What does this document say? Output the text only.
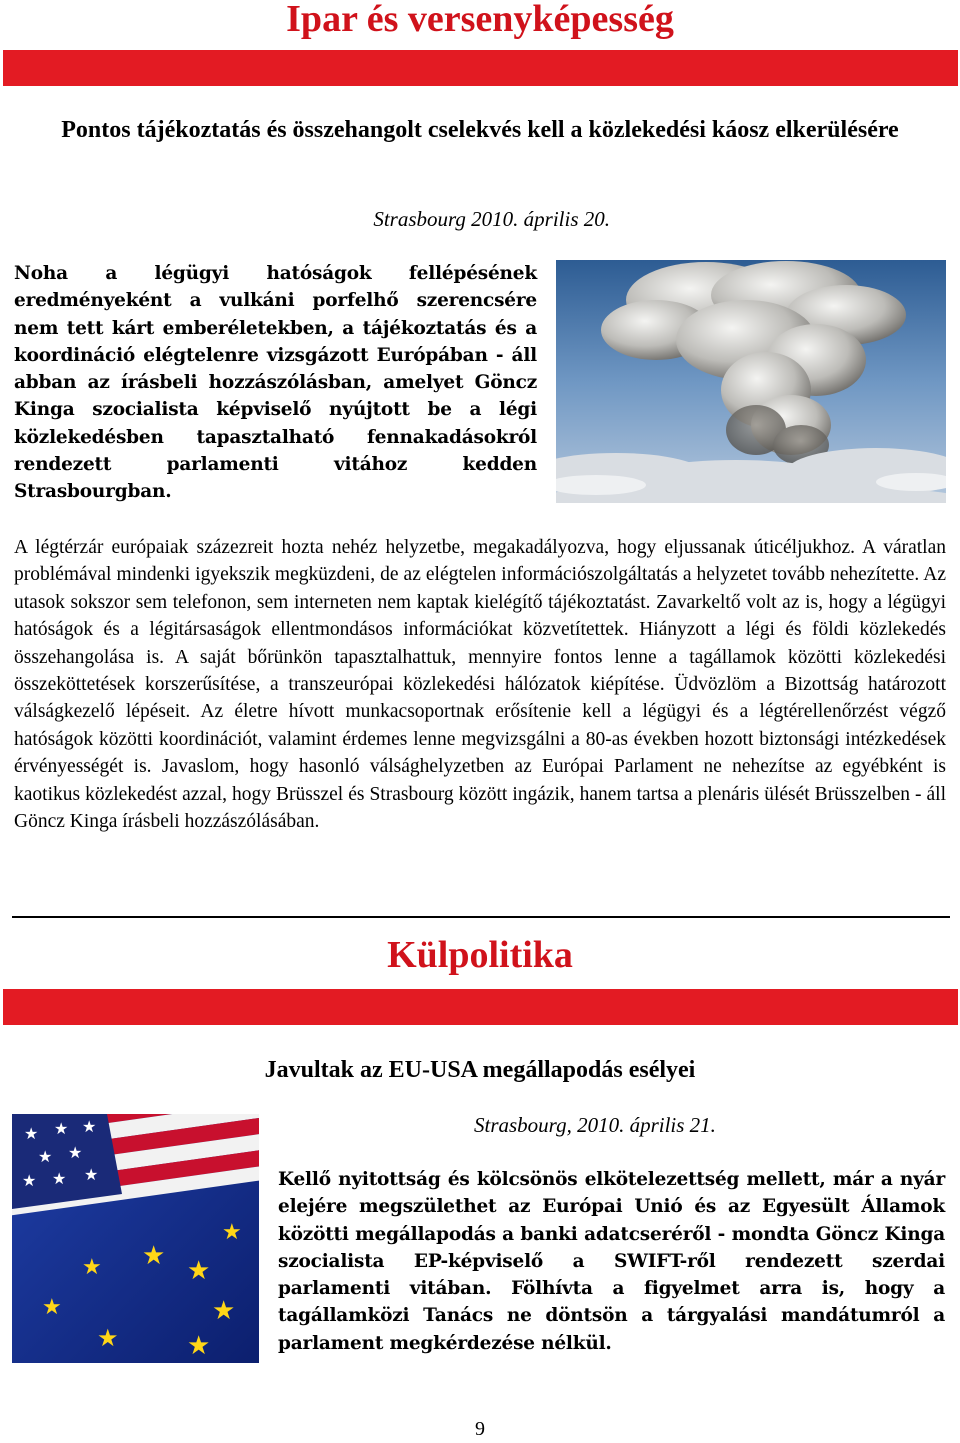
Ipar és versenyképesség
Pontos tájékoztatás és összehangolt cselekvés kell a közlekedési káosz elkerülésére

Strasbourg 2010. április 20.

Noha a légügyi hatóságok fellépésének eredményeként a vulkáni porfelhő szerencsére nem tett kárt emberéletekben, a tájékoztatás és a koordináció elégtelenre vizsgázott Európában - áll abban az írásbeli hozzászólásban, amelyet Göncz Kinga szocialista képviselő nyújtott be a légi közlekedésben tapasztalható fennakadásokról rendezett parlamenti vitához kedden Strasbourgban.

A légtérzár európaiak százezreit hozta nehéz helyzetbe, megakadályozva, hogy eljussanak úticéljukhoz. A váratlan problémával mindenki igyekszik megküzdeni, de az elégtelen információszolgáltatás a helyzetet tovább nehezítette. Az utasok sokszor sem telefonon, sem interneten nem kaptak kielégítő tájékoztatást. Zavarkeltő volt az is, hogy a légügyi hatóságok és a légitársaságok ellentmondásos információkat közvetítettek. Hiányzott a légi és földi közlekedés összehangolása is. A saját bőrünkön tapasztalhattuk, mennyire fontos lenne a tagállamok közötti közlekedési összeköttetések korszerűsítése, a transzeurópai közlekedési hálózatok kiépítése. Üdvözlöm a Bizottság határozott válságkezelő lépéseit. Az életre hívott munkacsoportnak erősítenie kell a légügyi és a légtérellenőrzést végző hatóságok közötti koordinációt, valamint érdemes lenne megvizsgálni a 80-as években hozott biztonsági intézkedések érvényességét is. Javaslom, hogy hasonló válsághelyzetben az Európai Parlament ne nehezítse az egyébként is kaotikus közlekedést azzal, hogy Brüsszel és Strasbourg között ingázik, hanem tartsa a plenáris ülését Brüsszelben - áll Göncz Kinga írásbeli hozzászólásában.

Külpolitika
Javultak az EU-USA megállapodás esélyei

Strasbourg, 2010. április 21.

★ ★ ★
★ ★
★ ★ ★
★
★
★
★
★
★
★
★

Kellő nyitottság és kölcsönös elkötelezettség mellett, már a nyár elejére megszülethet az Európai Unió és az Egyesült Államok közötti megállapodás a banki adatcseréről - mondta Göncz Kinga szocialista EP-képviselő a SWIFT-ről rendezett szerdai parlamenti vitában. Fölhívta a figyelmet arra is, hogy a tagállamközi Tanács ne döntsön a tárgyalási mandátumról a parlament megkérdezése nélkül.

9
